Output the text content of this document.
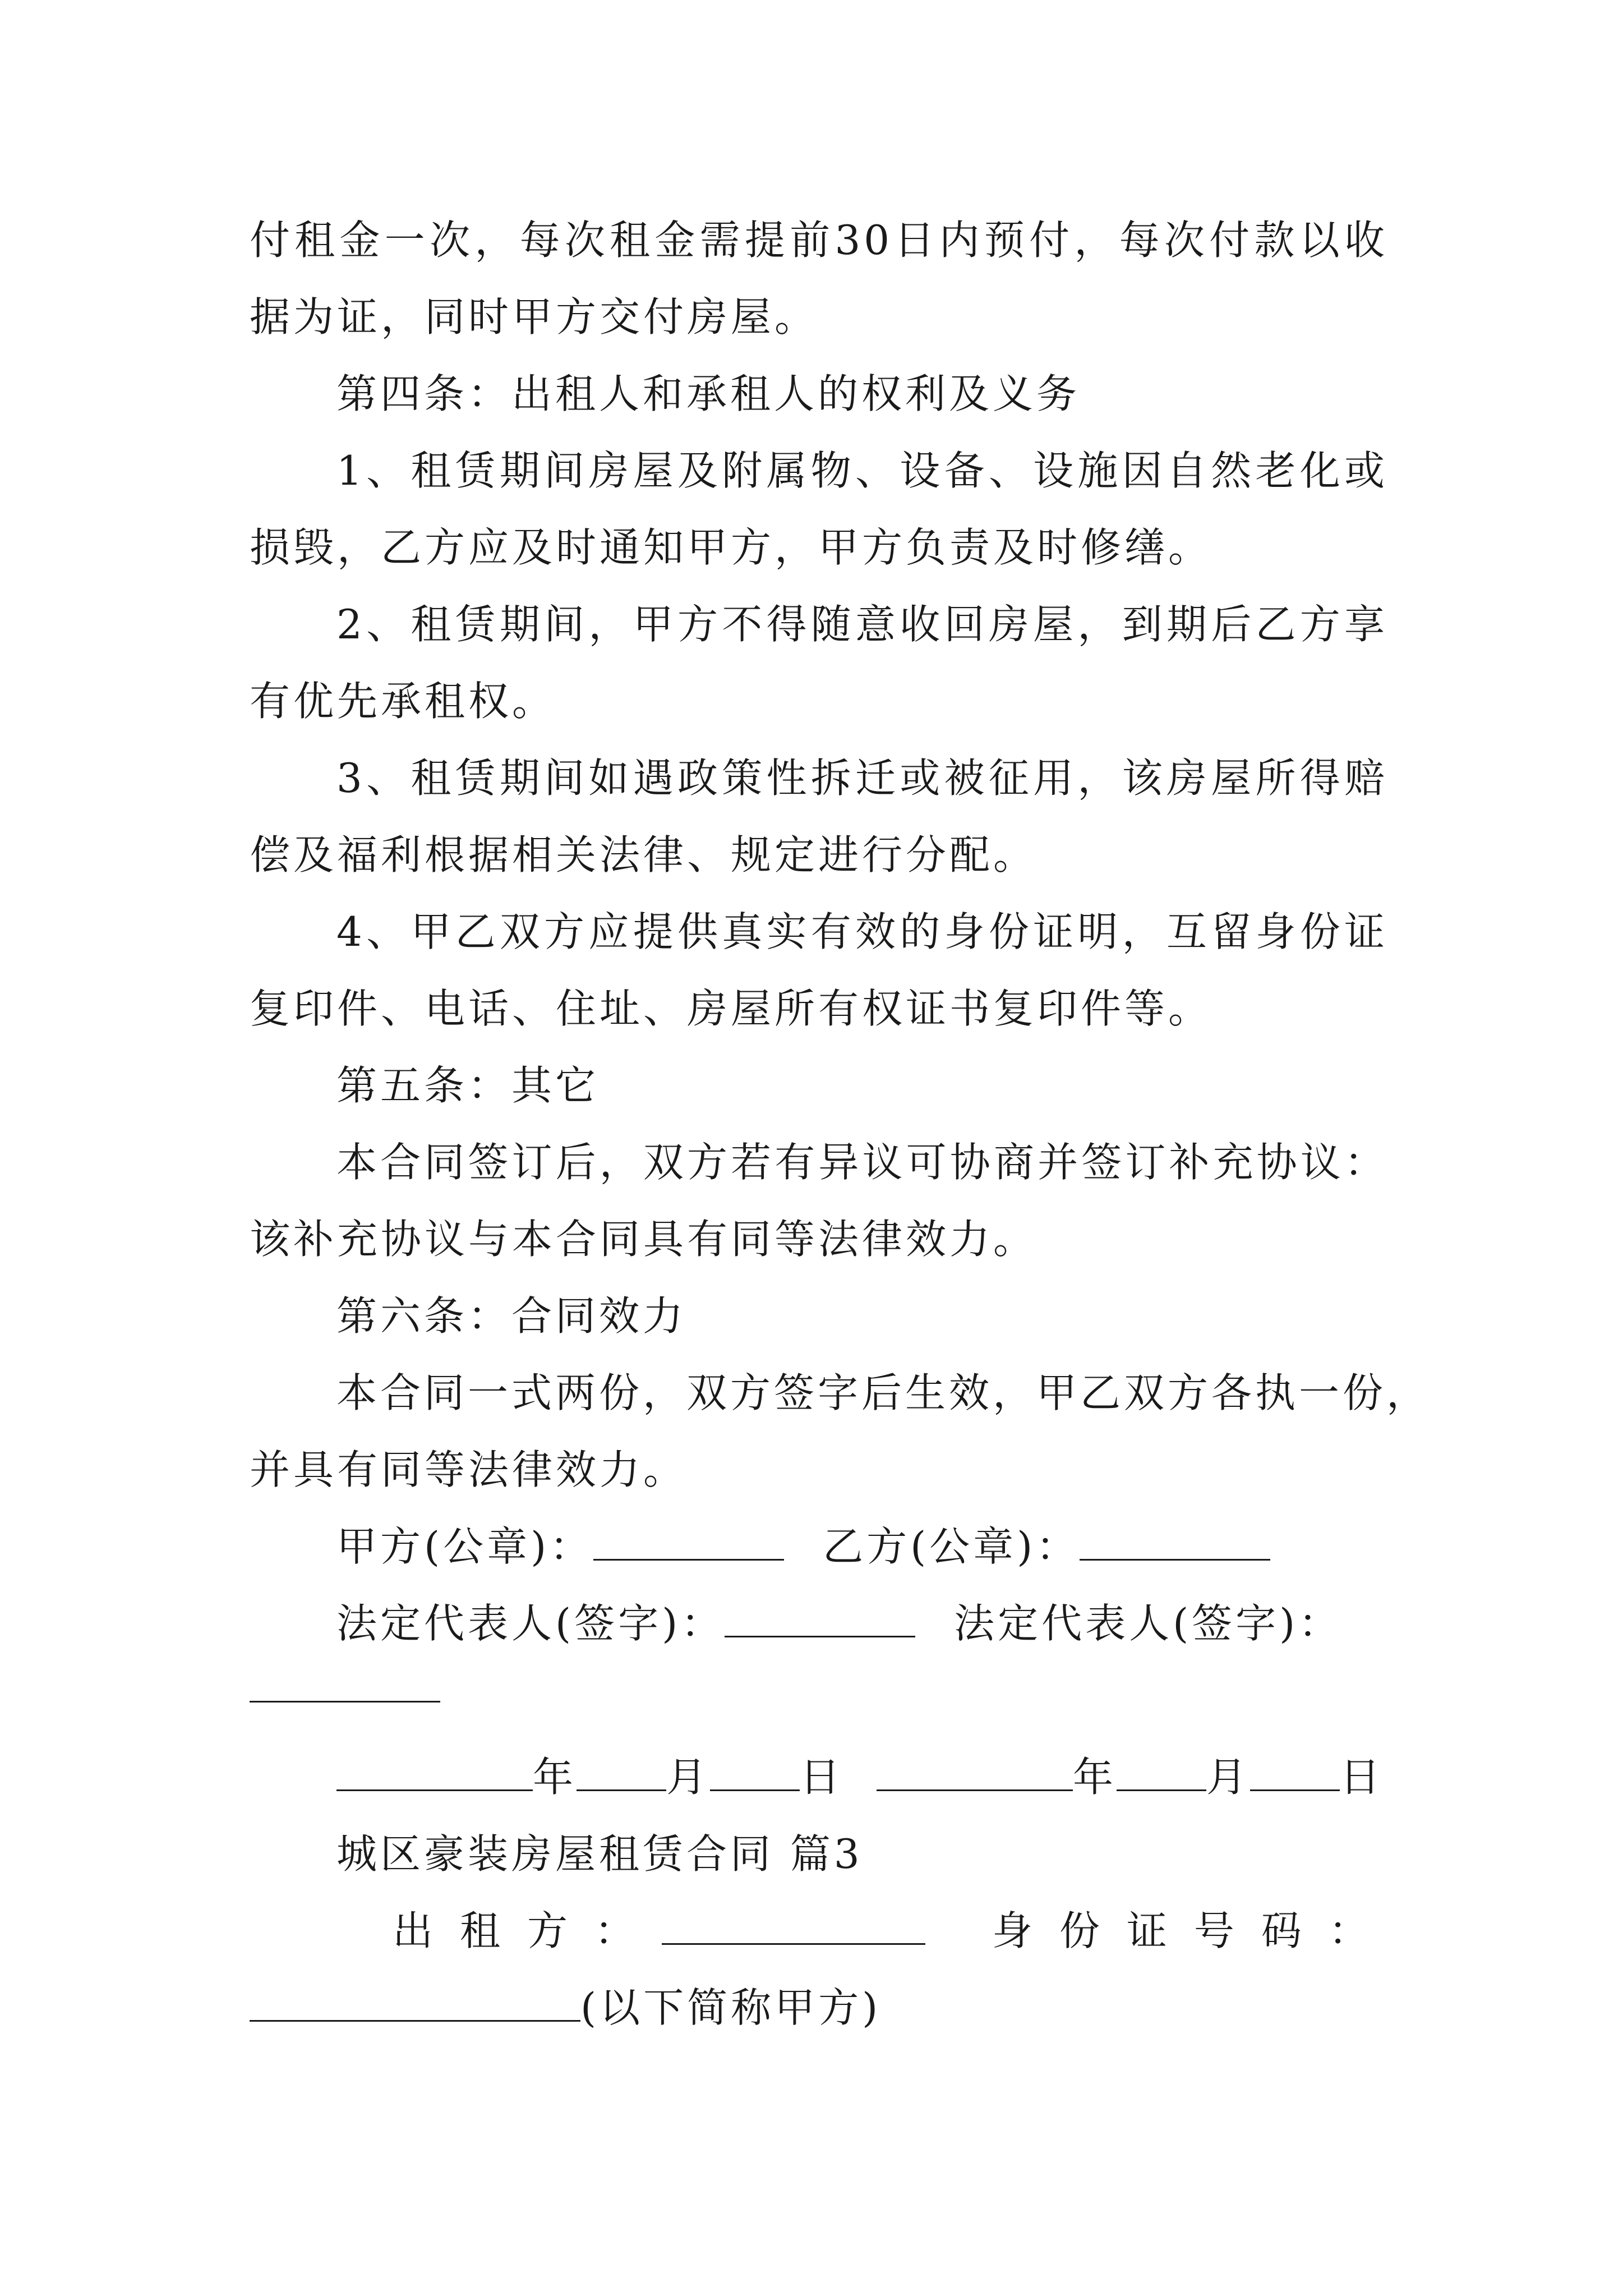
付租金一次，每次租金需提前30日内预付，每次付款以收
据为证，同时甲方交付房屋。
第四条：出租人和承租人的权利及义务
1、租赁期间房屋及附属物、设备、设施因自然老化或
损毁，乙方应及时通知甲方，甲方负责及时修缮。
2、租赁期间，甲方不得随意收回房屋，到期后乙方享
有优先承租权。
3、租赁期间如遇政策性拆迁或被征用，该房屋所得赔
偿及福利根据相关法律、规定进行分配。
4、甲乙双方应提供真实有效的身份证明，互留身份证
复印件、电话、住址、房屋所有权证书复印件等。
第五条：其它
本合同签订后，双方若有异议可协商并签订补充协议：
该补充协议与本合同具有同等法律效力。
第六条：合同效力
本合同一式两份，双方签字后生效，甲乙双方各执一份，
并具有同等法律效力。
甲方(公章)：	乙方(公章)：
法定代表人(签字)：	法定代表人(签字)：
年 月 日	年 月 日
城区豪装房屋租赁合同 篇3
出租方：	身份证号码：
(以下简称甲方)
